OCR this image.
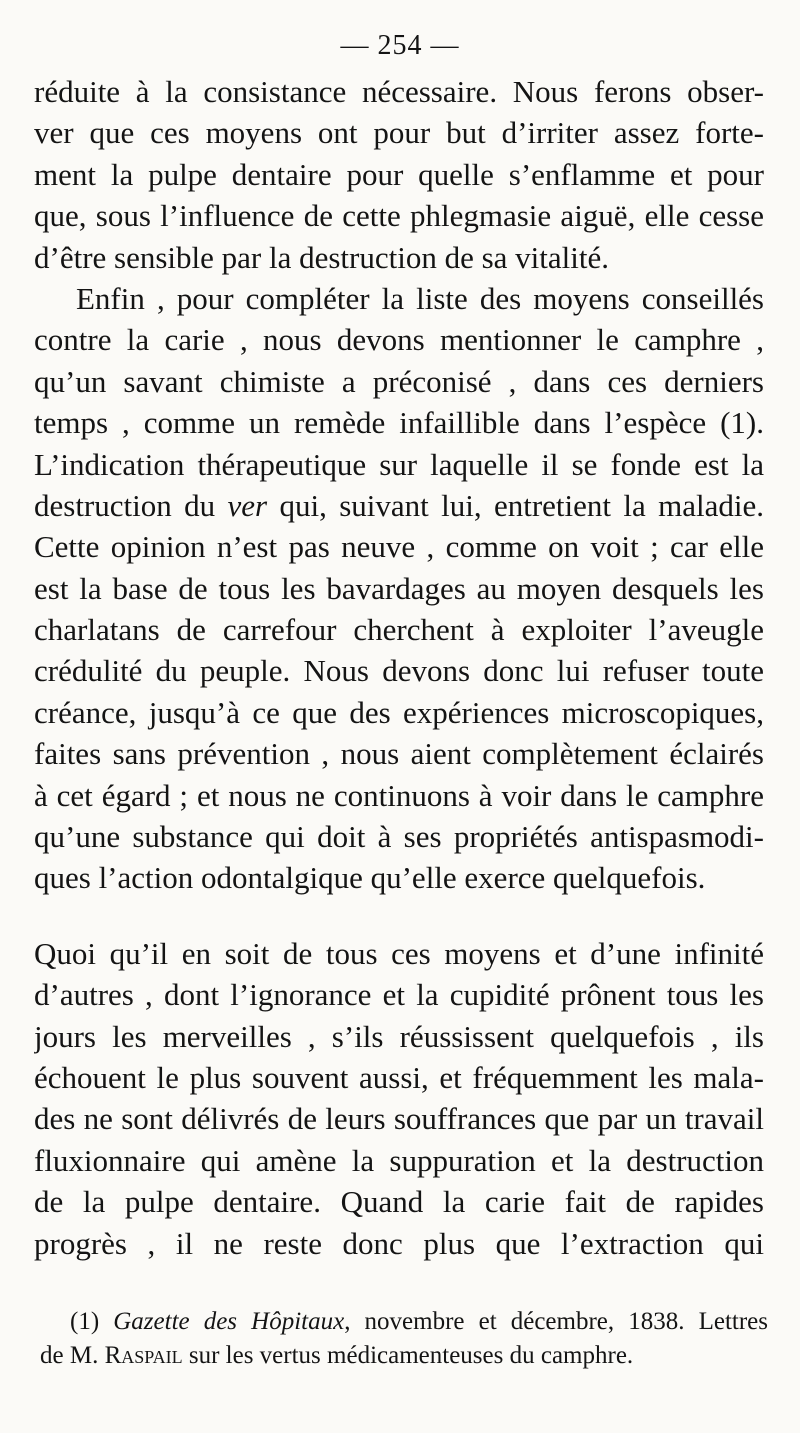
— 254 —
réduite à la consistance nécessaire. Nous ferons obser-
ver que ces moyens ont pour but d’irriter assez forte-
ment la pulpe dentaire pour quelle s’enflamme et pour
que, sous l’influence de cette phlegmasie aiguë, elle cesse
d’être sensible par la destruction de sa vitalité.
Enfin , pour compléter la liste des moyens conseillés
contre la carie , nous devons mentionner le camphre ,
qu’un savant chimiste a préconisé , dans ces derniers
temps , comme un remède infaillible dans l’espèce (1).
L’indication thérapeutique sur laquelle il se fonde est la
destruction du ver qui, suivant lui, entretient la maladie.
Cette opinion n’est pas neuve , comme on voit ; car elle
est la base de tous les bavardages au moyen desquels les
charlatans de carrefour cherchent à exploiter l’aveugle
crédulité du peuple. Nous devons donc lui refuser toute
créance, jusqu’à ce que des expériences microscopiques,
faites sans prévention , nous aient complètement éclairés
à cet égard ; et nous ne continuons à voir dans le camphre
qu’une substance qui doit à ses propriétés antispasmodi-
ques l’action odontalgique qu’elle exerce quelquefois.
Quoi qu’il en soit de tous ces moyens et d’une infinité
d’autres , dont l’ignorance et la cupidité prônent tous les
jours les merveilles , s’ils réussissent quelquefois , ils
échouent le plus souvent aussi, et fréquemment les mala-
des ne sont délivrés de leurs souffrances que par un travail
fluxionnaire qui amène la suppuration et la destruction
de la pulpe dentaire. Quand la carie fait de rapides
progrès , il ne reste donc plus que l’extraction qui
(1) Gazette des Hôpitaux, novembre et décembre, 1838. Lettres
de M. Raspail sur les vertus médicamenteuses du camphre.
